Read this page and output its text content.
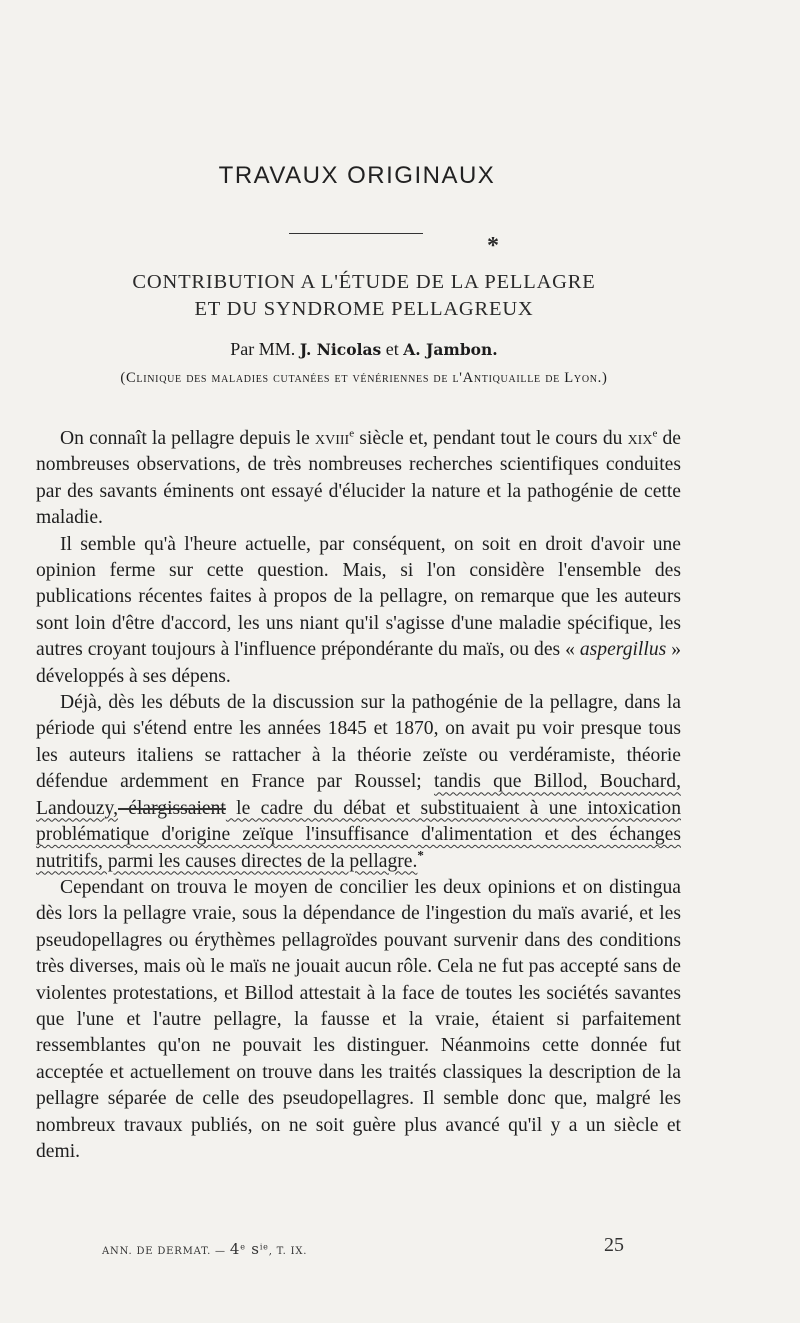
TRAVAUX ORIGINAUX
*
CONTRIBUTION A L'ÉTUDE DE LA PELLAGRE
ET DU SYNDROME PELLAGREUX
Par MM. J. Nicolas et A. Jambon.
(Clinique des maladies cutanées et vénériennes de l'Antiquaille de Lyon.)

On connaît la pellagre depuis le xviii$^e$ siècle et, pendant tout le cours du xix$^e$ de nombreuses observations, de très nombreuses recherches scientifiques conduites par des savants éminents ont essayé d'élucider la nature et la pathogénie de cette maladie.

Il semble qu'à l'heure actuelle, par conséquent, on soit en droit d'avoir une opinion ferme sur cette question. Mais, si l'on considère l'ensemble des publications récentes faites à propos de la pellagre, on remarque que les auteurs sont loin d'être d'accord, les uns niant qu'il s'agisse d'une maladie spécifique, les autres croyant toujours à l'influence prépondérante du maïs, ou des « aspergillus » développés à ses dépens.

Déjà, dès les débuts de la discussion sur la pathogénie de la pellagre, dans la période qui s'étend entre les années 1845 et 1870, on avait pu voir presque tous les auteurs italiens se rattacher à la théorie zeïste ou verdéramiste, théorie défendue ardemment en France par Roussel; tandis que Billod, Bouchard, Landouzy, élargissaient le cadre du débat et substituaient à une intoxication problématique d'origine zeïque l'insuffisance d'alimentation et des échanges nutritifs, parmi les causes directes de la pellagre.*

Cependant on trouva le moyen de concilier les deux opinions et on distingua dès lors la pellagre vraie, sous la dépendance de l'ingestion du maïs avarié, et les pseudopellagres ou érythèmes pellagroïdes pouvant survenir dans des conditions très diverses, mais où le maïs ne jouait aucun rôle. Cela ne fut pas accepté sans de violentes protestations, et Billod attestait à la face de toutes les sociétés savantes que l'une et l'autre pellagre, la fausse et la vraie, étaient si parfaitement ressemblantes qu'on ne pouvait les distinguer. Néanmoins cette donnée fut acceptée et actuellement on trouve dans les traités classiques la description de la pellagre séparée de celle des pseudopellagres. Il semble donc que, malgré les nombreux travaux publiés, on ne soit guère plus avancé qu'il y a un siècle et demi.

ANN. DE DERMAT. — 4e $s^{ie}$, T. IX.	25
